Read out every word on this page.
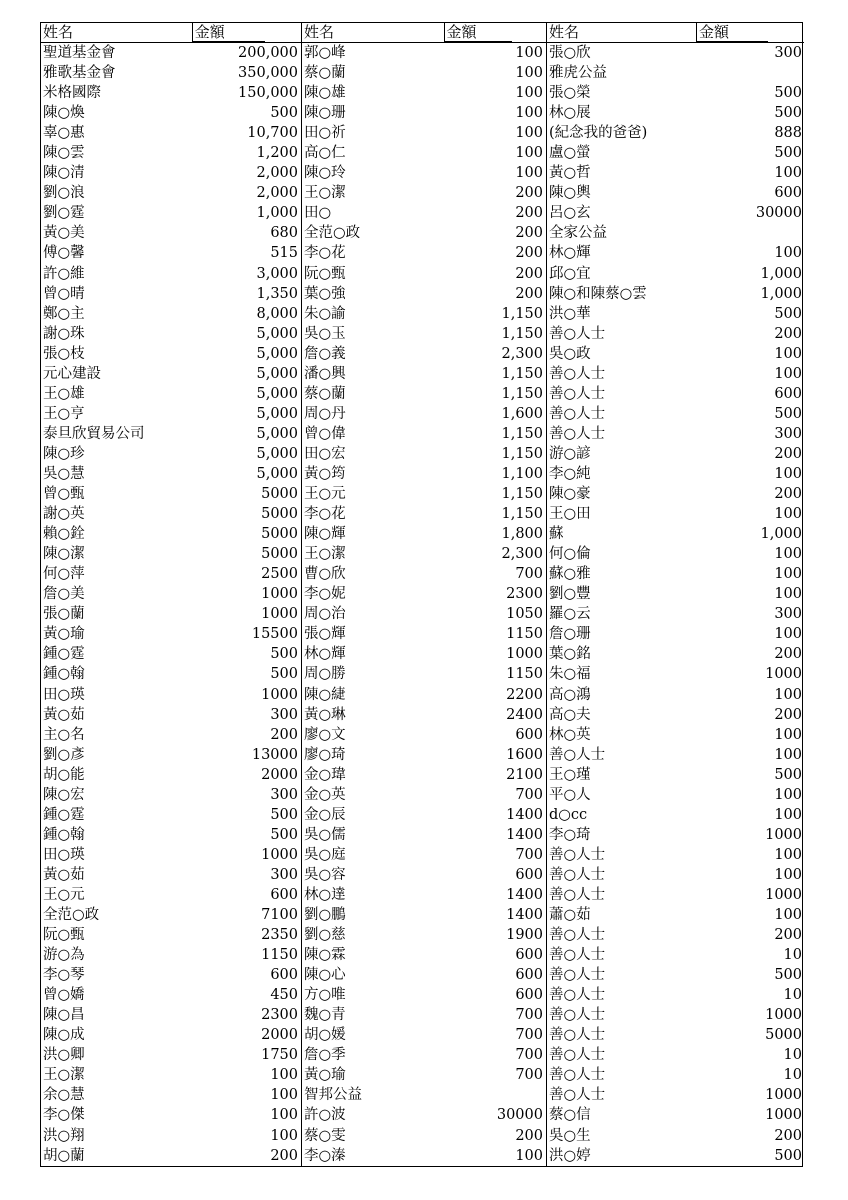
姓名	金額
聖道基金會	200,000
雅歌基金會	350,000
米格國際	150,000
陳○煥	500
辜○惠	10,700
陳○雲	1,200
陳○清	2,000
劉○浪	2,000
劉○霆	1,000
黃○美	680
傅○馨	515
許○維	3,000
曾○晴	1,350
鄭○主	8,000
謝○珠	5,000
張○枝	5,000
元心建設	5,000
王○雄	5,000
王○亨	5,000
泰旦欣貿易公司	5,000
陳○珍	5,000
吳○慧	5,000
曾○甄	5000
謝○英	5000
賴○銓	5000
陳○潔	5000
何○萍	2500
詹○美	1000
張○蘭	1000
黃○瑜	15500
鍾○霆	500
鍾○翰	500
田○瑛	1000
黃○茹	300
主○名	200
劉○彥	13000
胡○能	2000
陳○宏	300
鍾○霆	500
鍾○翰	500
田○瑛	1000
黃○茹	300
王○元	600
全范○政	7100
阮○甄	2350
游○為	1150
李○琴	600
曾○嬌	450
陳○昌	2300
陳○成	2000
洪○卿	1750
王○潔	100
余○慧	100
李○傑	100
洪○翔	100
胡○蘭	200
姓名	金額
郭○峰	100
蔡○蘭	100
陳○雄	100
陳○珊	100
田○祈	100
高○仁	100
陳○玲	100
王○潔	200
田○	200
全范○政	200
李○花	200
阮○甄	200
葉○強	200
朱○諭	1,150
吳○玉	1,150
詹○義	2,300
潘○興	1,150
蔡○蘭	1,150
周○丹	1,600
曾○偉	1,150
田○宏	1,150
黃○筠	1,100
王○元	1,150
李○花	1,150
陳○輝	1,800
王○潔	2,300
曹○欣	700
李○妮	2300
周○治	1050
張○輝	1150
林○輝	1000
周○勝	1150
陳○緁	2200
黃○琳	2400
廖○文	600
廖○琦	1600
金○瑋	2100
金○英	700
金○辰	1400
吳○儒	1400
吳○庭	700
吳○容	600
林○達	1400
劉○鵬	1400
劉○慈	1900
陳○霖	600
陳○心	600
方○唯	600
魏○青	700
胡○媛	700
詹○季	700
黃○瑜	700
智邦公益
許○波	30000
蔡○雯	200
李○溱	100
姓名	金額
張○欣	300
雅虎公益
張○榮	500
林○展	500
(紀念我的爸爸)	888
盧○螢	500
黃○哲	100
陳○輿	600
呂○玄	30000
全家公益
林○輝	100
邱○宜	1,000
陳○和陳蔡○雲	1,000
洪○華	500
善○人士	200
吳○政	100
善○人士	100
善○人士	600
善○人士	500
善○人士	300
游○諺	200
李○純	100
陳○豪	200
王○田	100
蘇	1,000
何○倫	100
蘇○雅	100
劉○豐	100
羅○云	300
詹○珊	100
葉○銘	200
朱○福	1000
高○鴻	100
高○夫	200
林○英	100
善○人士	100
王○瑾	500
平○人	100
d○cc	100
李○琦	1000
善○人士	100
善○人士	100
善○人士	1000
蕭○茹	100
善○人士	200
善○人士	10
善○人士	500
善○人士	10
善○人士	1000
善○人士	5000
善○人士	10
善○人士	10
善○人士	1000
蔡○信	1000
吳○生	200
洪○婷	500
